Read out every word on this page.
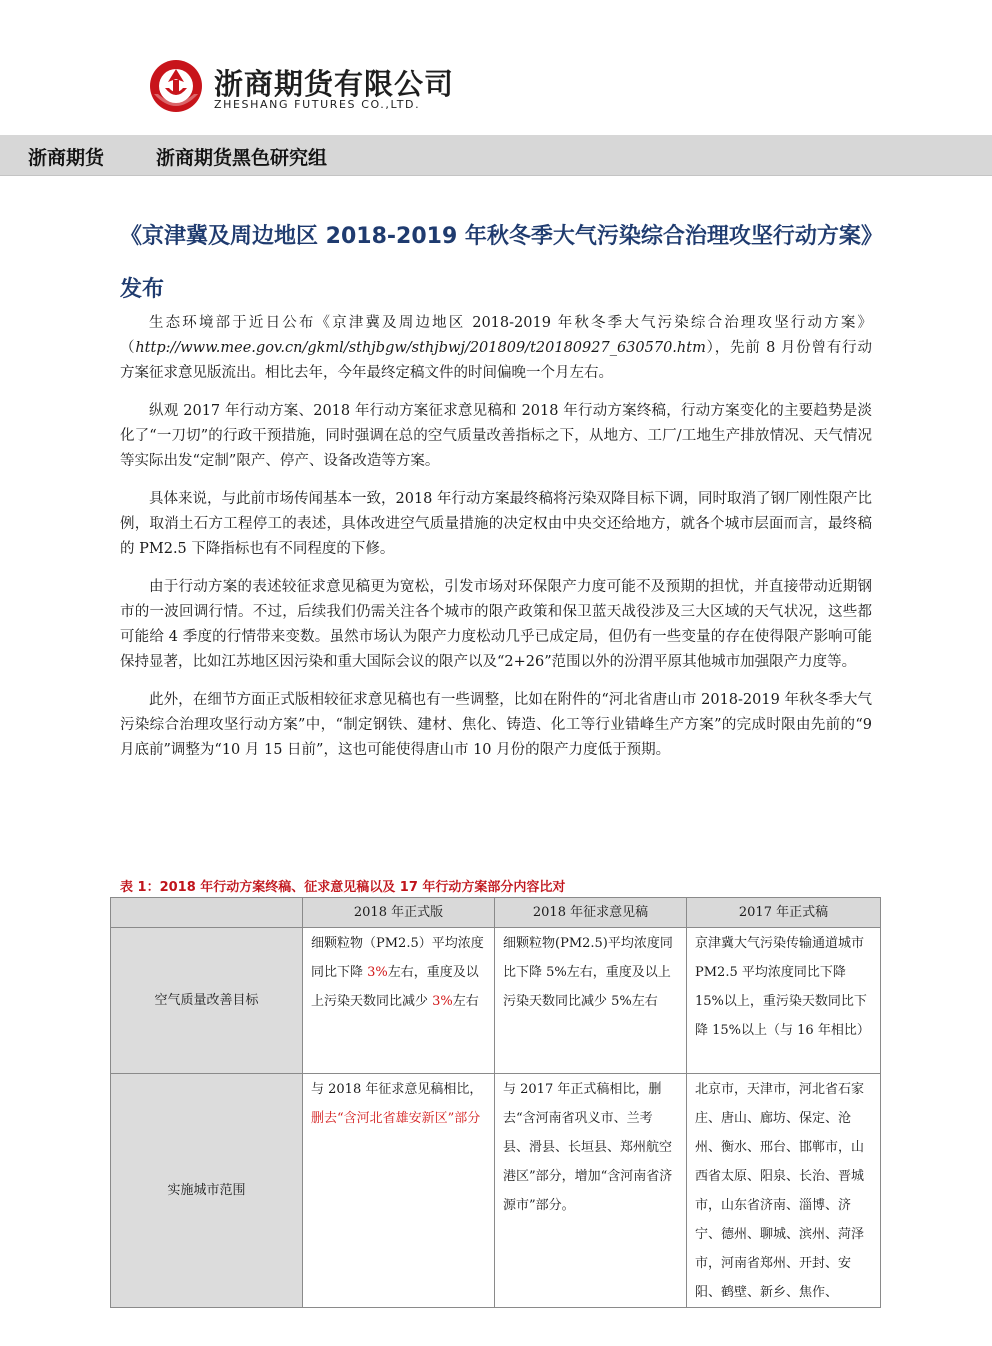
浙商期货有限公司
ZHESHANG FUTURES CO.,LTD.
浙商期货	浙商期货黑色研究组
《京津冀及周边地区 2018-2019 年秋冬季大气污染综合治理攻坚行动方案》发布

生态环境部于近日公布《京津冀及周边地区 2018-2019 年秋冬季大气污染综合治理攻坚行动方案》（http://www.mee.gov.cn/gkml/sthjbgw/sthjbwj/201809/t20180927_630570.htm），先前 8 月份曾有行动方案征求意见版流出。相比去年，今年最终定稿文件的时间偏晚一个月左右。

纵观 2017 年行动方案、2018 年行动方案征求意见稿和 2018 年行动方案终稿，行动方案变化的主要趋势是淡化了“一刀切”的行政干预措施，同时强调在总的空气质量改善指标之下，从地方、工厂/工地生产排放情况、天气情况等实际出发“定制”限产、停产、设备改造等方案。

具体来说，与此前市场传闻基本一致，2018 年行动方案最终稿将污染双降目标下调，同时取消了钢厂刚性限产比例，取消土石方工程停工的表述，具体改进空气质量措施的决定权由中央交还给地方，就各个城市层面而言，最终稿的 PM2.5 下降指标也有不同程度的下修。

由于行动方案的表述较征求意见稿更为宽松，引发市场对环保限产力度可能不及预期的担忧，并直接带动近期钢市的一波回调行情。不过，后续我们仍需关注各个城市的限产政策和保卫蓝天战役涉及三大区域的天气状况，这些都可能给 4 季度的行情带来变数。虽然市场认为限产力度松动几乎已成定局，但仍有一些变量的存在使得限产影响可能保持显著，比如江苏地区因污染和重大国际会议的限产以及“2+26”范围以外的汾渭平原其他城市加强限产力度等。

此外，在细节方面正式版相较征求意见稿也有一些调整，比如在附件的“河北省唐山市 2018-2019 年秋冬季大气污染综合治理攻坚行动方案”中，“制定钢铁、建材、焦化、铸造、化工等行业错峰生产方案”的完成时限由先前的“9 月底前”调整为“10 月 15 日前”，这也可能使得唐山市 10 月份的限产力度低于预期。

表 1：2018 年行动方案终稿、征求意见稿以及 17 年行动方案部分内容比对
	2018 年正式版	2018 年征求意见稿	2017 年正式稿
空气质量改善目标	细颗粒物（PM2.5）平均浓度同比下降 3%左右，重度及以上污染天数同比减少 3%左右	细颗粒物(PM2.5)平均浓度同比下降 5%左右，重度及以上污染天数同比减少 5%左右	京津冀大气污染传输通道城市 PM2.5 平均浓度同比下降 15%以上，重污染天数同比下降 15%以上（与 16 年相比）
实施城市范围	与 2018 年征求意见稿相比，删去“含河北省雄安新区”部分	与 2017 年正式稿相比，删去“含河南省巩义市、兰考县、滑县、长垣县、郑州航空港区”部分，增加“含河南省济源市”部分。	北京市，天津市，河北省石家庄、唐山、廊坊、保定、沧州、衡水、邢台、邯郸市，山西省太原、阳泉、长治、晋城市，山东省济南、淄博、济宁、德州、聊城、滨州、菏泽市，河南省郑州、开封、安阳、鹤壁、新乡、焦作、
